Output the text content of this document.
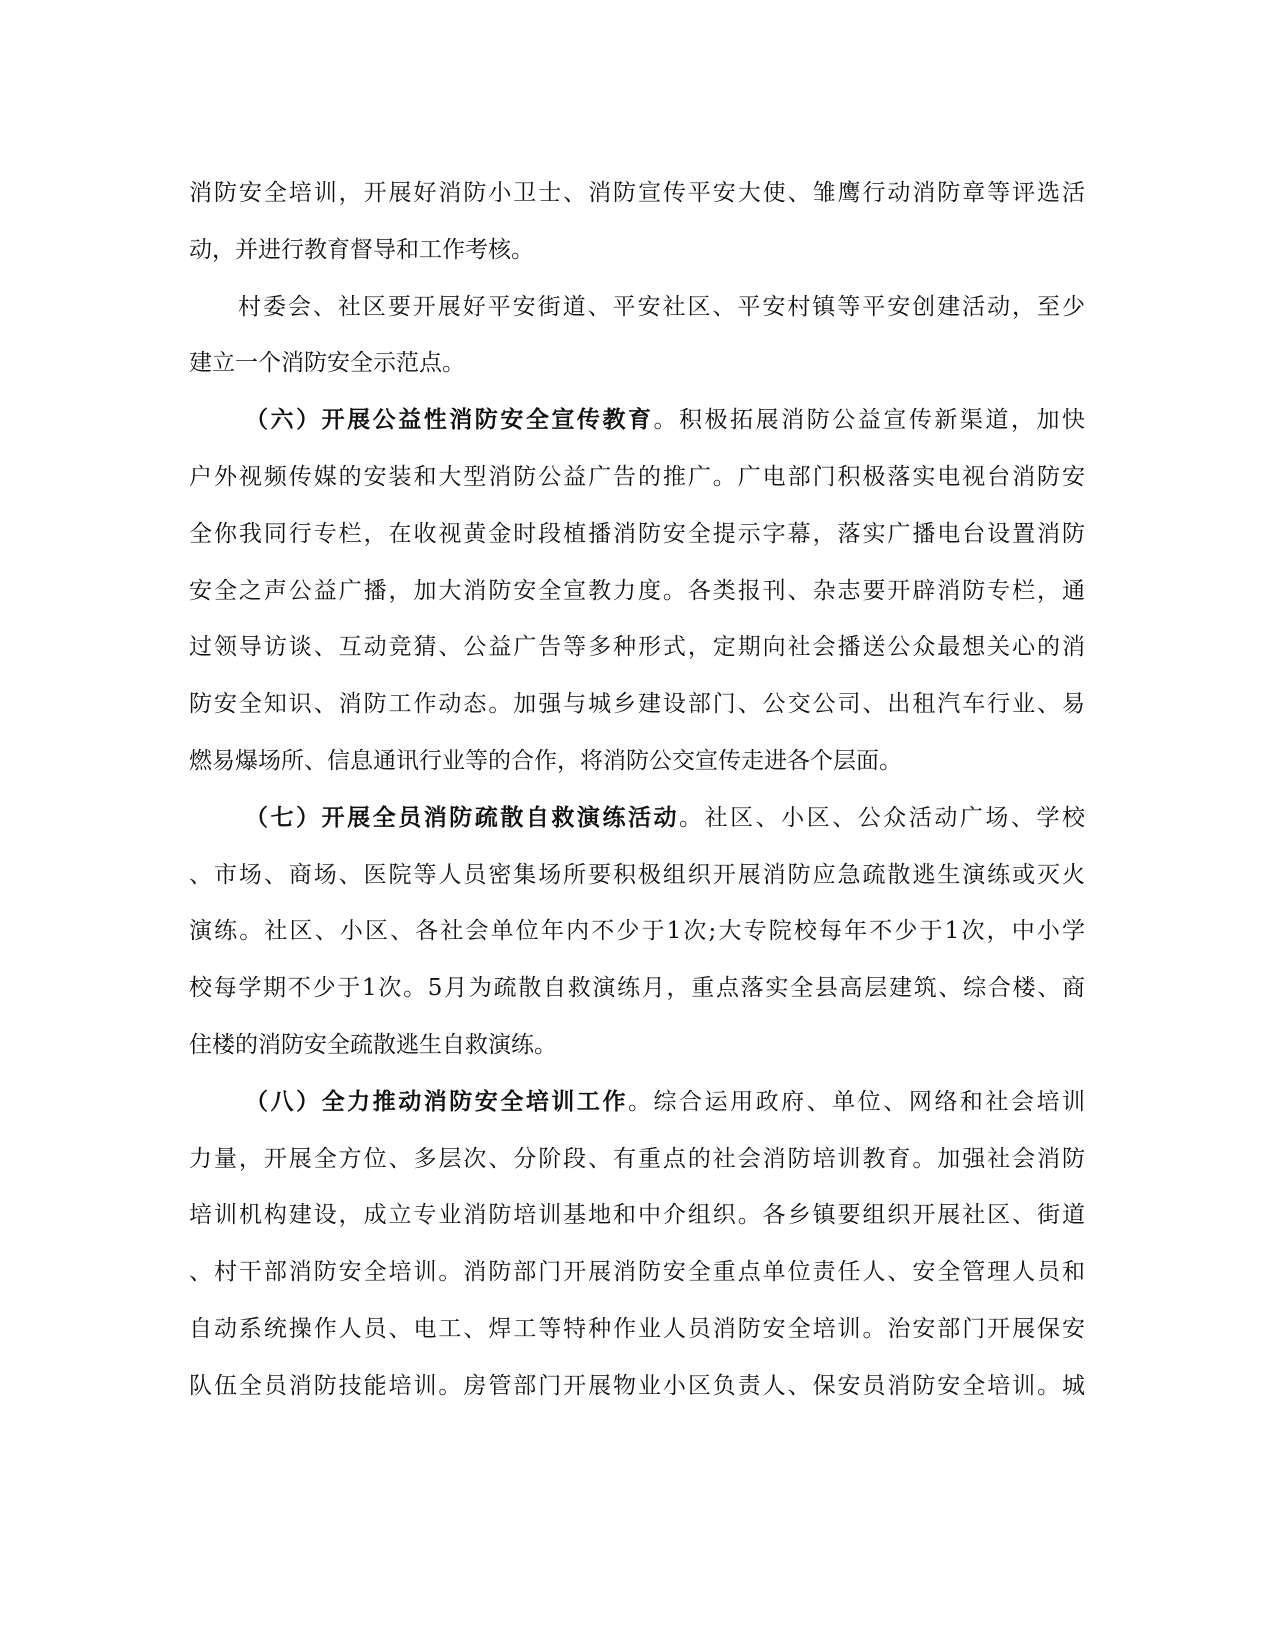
消防安全培训，开展好消防小卫士、消防宣传平安大使、雏鹰行动消防章等评选活
动，并进行教育督导和工作考核。

村委会、社区要开展好平安街道、平安社区、平安村镇等平安创建活动，至少
建立一个消防安全示范点。

（六）开展公益性消防安全宣传教育。积极拓展消防公益宣传新渠道，加快
户外视频传媒的安装和大型消防公益广告的推广。广电部门积极落实电视台消防安
全你我同行专栏，在收视黄金时段植播消防安全提示字幕，落实广播电台设置消防
安全之声公益广播，加大消防安全宣教力度。各类报刊、杂志要开辟消防专栏，通
过领导访谈、互动竞猜、公益广告等多种形式，定期向社会播送公众最想关心的消
防安全知识、消防工作动态。加强与城乡建设部门、公交公司、出租汽车行业、易
燃易爆场所、信息通讯行业等的合作，将消防公交宣传走进各个层面。

（七）开展全员消防疏散自救演练活动。社区、小区、公众活动广场、学校
、市场、商场、医院等人员密集场所要积极组织开展消防应急疏散逃生演练或灭火
演练。社区、小区、各社会单位年内不少于1次;大专院校每年不少于1次，中小学
校每学期不少于1次。5月为疏散自救演练月，重点落实全县高层建筑、综合楼、商
住楼的消防安全疏散逃生自救演练。

（八）全力推动消防安全培训工作。综合运用政府、单位、网络和社会培训
力量，开展全方位、多层次、分阶段、有重点的社会消防培训教育。加强社会消防
培训机构建设，成立专业消防培训基地和中介组织。各乡镇要组织开展社区、街道
、村干部消防安全培训。消防部门开展消防安全重点单位责任人、安全管理人员和
自动系统操作人员、电工、焊工等特种作业人员消防安全培训。治安部门开展保安
队伍全员消防技能培训。房管部门开展物业小区负责人、保安员消防安全培训。城
